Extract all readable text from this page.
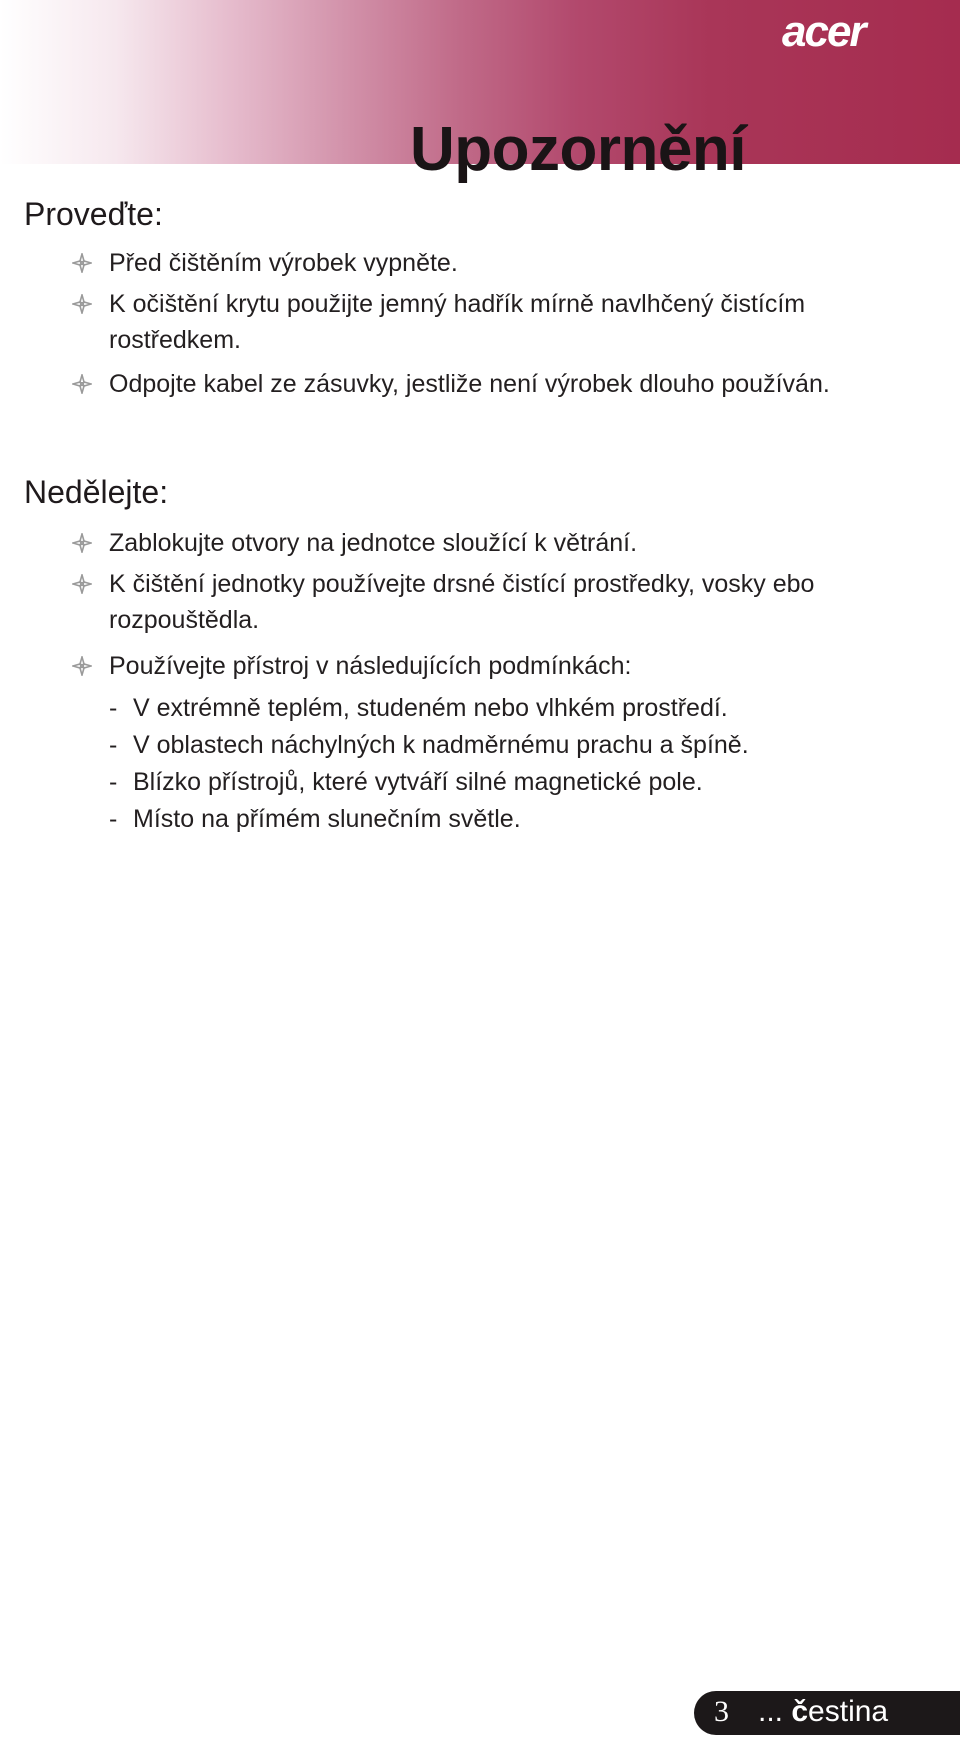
acer
Upozornění
Proveďte:
Před čištěním výrobek vypněte.
K očištění krytu použijte jemný hadřík mírně navlhčený čistícím rostředkem.
Odpojte kabel ze zásuvky, jestliže není výrobek dlouho používán.
Nedělejte:
Zablokujte otvory na jednotce sloužící k větrání.
K čištění jednotky používejte drsné čistící prostředky, vosky ebo rozpouštědla.
Používejte přístroj v následujících podmínkách:
- V extrémně teplém, studeném nebo vlhkém prostředí.
- V oblastech náchylných k nadměrnému prachu a špíně.
- Blízko přístrojů, které vytváří silné magnetické pole.
- Místo na přímém slunečním světle.
3 ... čestina
